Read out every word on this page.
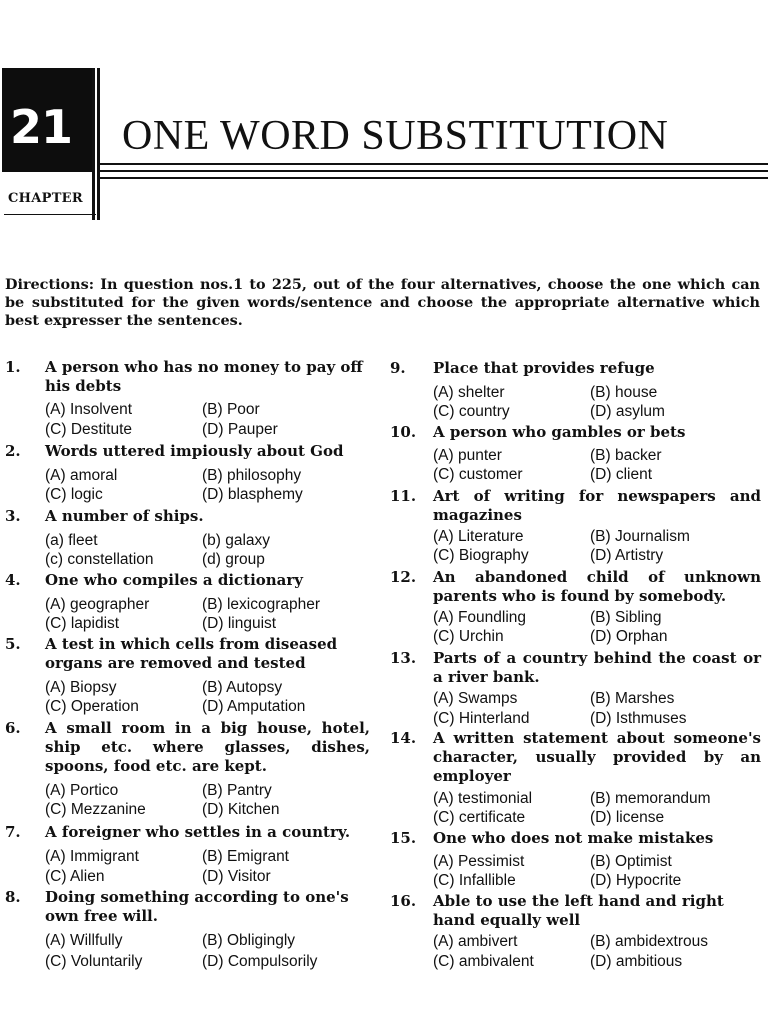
21 ONE WORD SUBSTITUTION
CHAPTER
Directions: In question nos.1 to 225, out of the four alternatives, choose the one which can be substituted for the given words/sentence and choose the appropriate alternative which best expresser the sentences.
1. A person who has no money to pay off his debts
(A) Insolvent	(B) Poor
(C) Destitute	(D) Pauper
2. Words uttered impiously about God
(A) amoral	(B) philosophy
(C) logic	(D) blasphemy
3. A number of ships.
(a) fleet	(b) galaxy
(c) constellation	(d) group
4. One who compiles a dictionary
(A) geographer	(B) lexicographer
(C) lapidist	(D) linguist
5. A test in which cells from diseased organs are removed and tested
(A) Biopsy	(B) Autopsy
(C) Operation	(D) Amputation
6. A small room in a big house, hotel, ship etc. where glasses, dishes, spoons, food etc. are kept.
(A) Portico	(B) Pantry
(C) Mezzanine	(D) Kitchen
7. A foreigner who settles in a country.
(A) Immigrant	(B) Emigrant
(C) Alien	(D) Visitor
8. Doing something according to one's own free will.
(A) Willfully	(B) Obligingly
(C) Voluntarily	(D) Compulsorily
9. Place that provides refuge
(A) shelter	(B) house
(C) country	(D) asylum
10. A person who gambles or bets
(A) punter	(B) backer
(C) customer	(D) client
11. Art of writing for newspapers and magazines
(A) Literature	(B) Journalism
(C) Biography	(D) Artistry
12. An abandoned child of unknown parents who is found by somebody.
(A) Foundling	(B) Sibling
(C) Urchin	(D) Orphan
13. Parts of a country behind the coast or a river bank.
(A) Swamps	(B) Marshes
(C) Hinterland	(D) Isthmuses
14. A written statement about someone's character, usually provided by an employer
(A) testimonial	(B) memorandum
(C) certificate	(D) license
15. One who does not make mistakes
(A) Pessimist	(B) Optimist
(C) Infallible	(D) Hypocrite
16. Able to use the left hand and right hand equally well
(A) ambivert	(B) ambidextrous
(C) ambivalent	(D) ambitious
